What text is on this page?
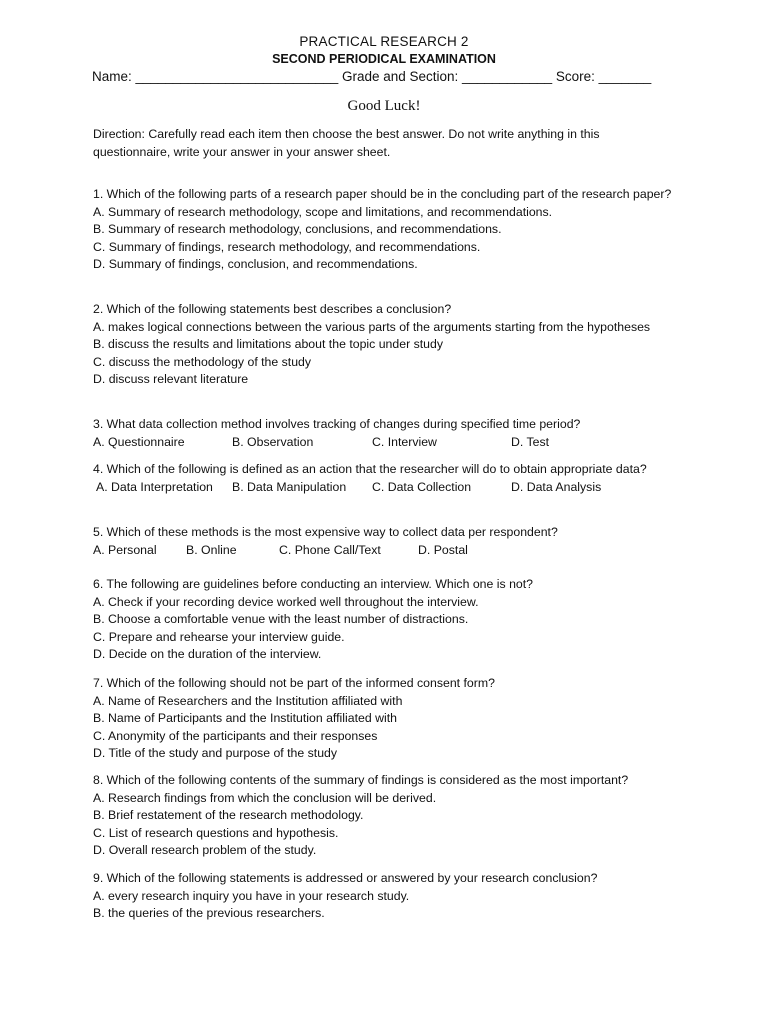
PRACTICAL RESEARCH 2
SECOND PERIODICAL EXAMINATION
Name: ___________________________ Grade and Section: ____________ Score: _______
Good Luck!
Direction: Carefully read each item then choose the best answer. Do not write anything in this questionnaire, write your answer in your answer sheet.
1. Which of the following parts of a research paper should be in the concluding part of the research paper?
A. Summary of research methodology, scope and limitations, and recommendations.
B. Summary of research methodology, conclusions, and recommendations.
C. Summary of findings, research methodology, and recommendations.
D. Summary of findings, conclusion, and recommendations.
2. Which of the following statements best describes a conclusion?
A. makes logical connections between the various parts of the arguments starting from the hypotheses
B. discuss the results and limitations about the topic under study
C. discuss the methodology of the study
D. discuss relevant literature
3. What data collection method involves tracking of changes during specified time period?
A. Questionnaire	B. Observation	C. Interview	D. Test
4. Which of the following is defined as an action that the researcher will do to obtain appropriate data?
A. Data Interpretation	B. Data Manipulation	C. Data Collection	D. Data Analysis
5. Which of these methods is the most expensive way to collect data per respondent?
A. Personal	B. Online	C. Phone Call/Text	D. Postal
6. The following are guidelines before conducting an interview. Which one is not?
A. Check if your recording device worked well throughout the interview.
B. Choose a comfortable venue with the least number of distractions.
C. Prepare and rehearse your interview guide.
D. Decide on the duration of the interview.
7. Which of the following should not be part of the informed consent form?
A. Name of Researchers and the Institution affiliated with
B. Name of Participants and the Institution affiliated with
C. Anonymity of the participants and their responses
D. Title of the study and purpose of the study
8. Which of the following contents of the summary of findings is considered as the most important?
A. Research findings from which the conclusion will be derived.
B. Brief restatement of the research methodology.
C. List of research questions and hypothesis.
D. Overall research problem of the study.
9. Which of the following statements is addressed or answered by your research conclusion?
A. every research inquiry you have in your research study.
B. the queries of the previous researchers.
